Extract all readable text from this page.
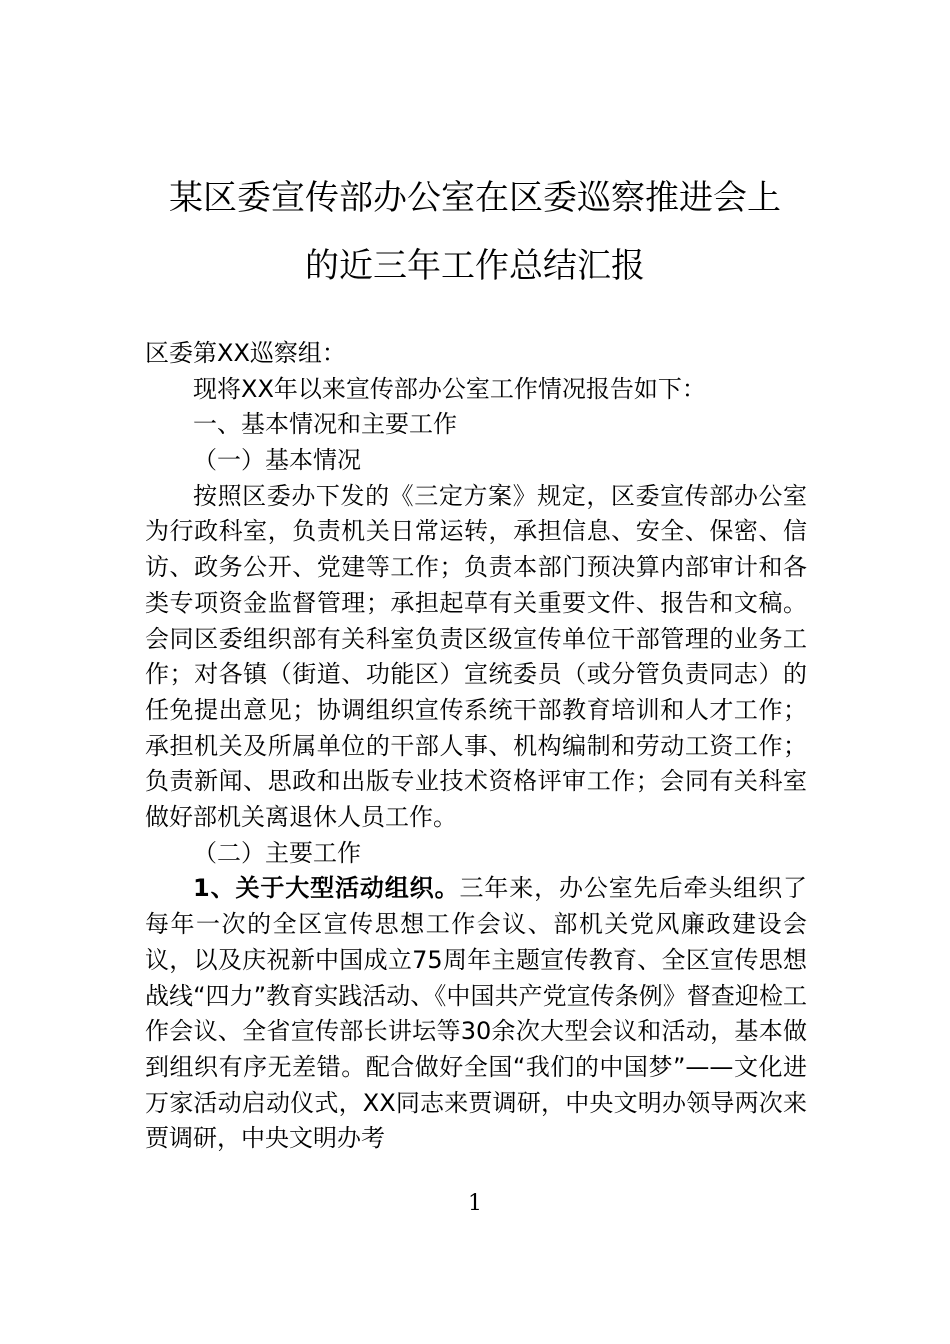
某区委宣传部办公室在区委巡察推进会上
的近三年工作总结汇报
区委第XX巡察组：
现将XX年以来宣传部办公室工作情况报告如下：
一、基本情况和主要工作
（一）基本情况
按照区委办下发的《三定方案》规定，区委宣传部办公室为行政科室，负责机关日常运转，承担信息、安全、保密、信访、政务公开、党建等工作；负责本部门预决算内部审计和各类专项资金监督管理；承担起草有关重要文件、报告和文稿。会同区委组织部有关科室负责区级宣传单位干部管理的业务工作；对各镇（街道、功能区）宣统委员（或分管负责同志）的任免提出意见；协调组织宣传系统干部教育培训和人才工作；承担机关及所属单位的干部人事、机构编制和劳动工资工作；负责新闻、思政和出版专业技术资格评审工作；会同有关科室做好部机关离退休人员工作。
（二）主要工作
1、关于大型活动组织。三年来，办公室先后牵头组织了每年一次的全区宣传思想工作会议、部机关党风廉政建设会议，以及庆祝新中国成立75周年主题宣传教育、全区宣传思想战线“四力”教育实践活动、《中国共产党宣传条例》督查迎检工作会议、全省宣传部长讲坛等30余次大型会议和活动，基本做到组织有序无差错。配合做好全国“我们的中国梦”——文化进万家活动启动仪式，XX同志来贾调研，中央文明办领导两次来贾调研，中央文明办考
1
